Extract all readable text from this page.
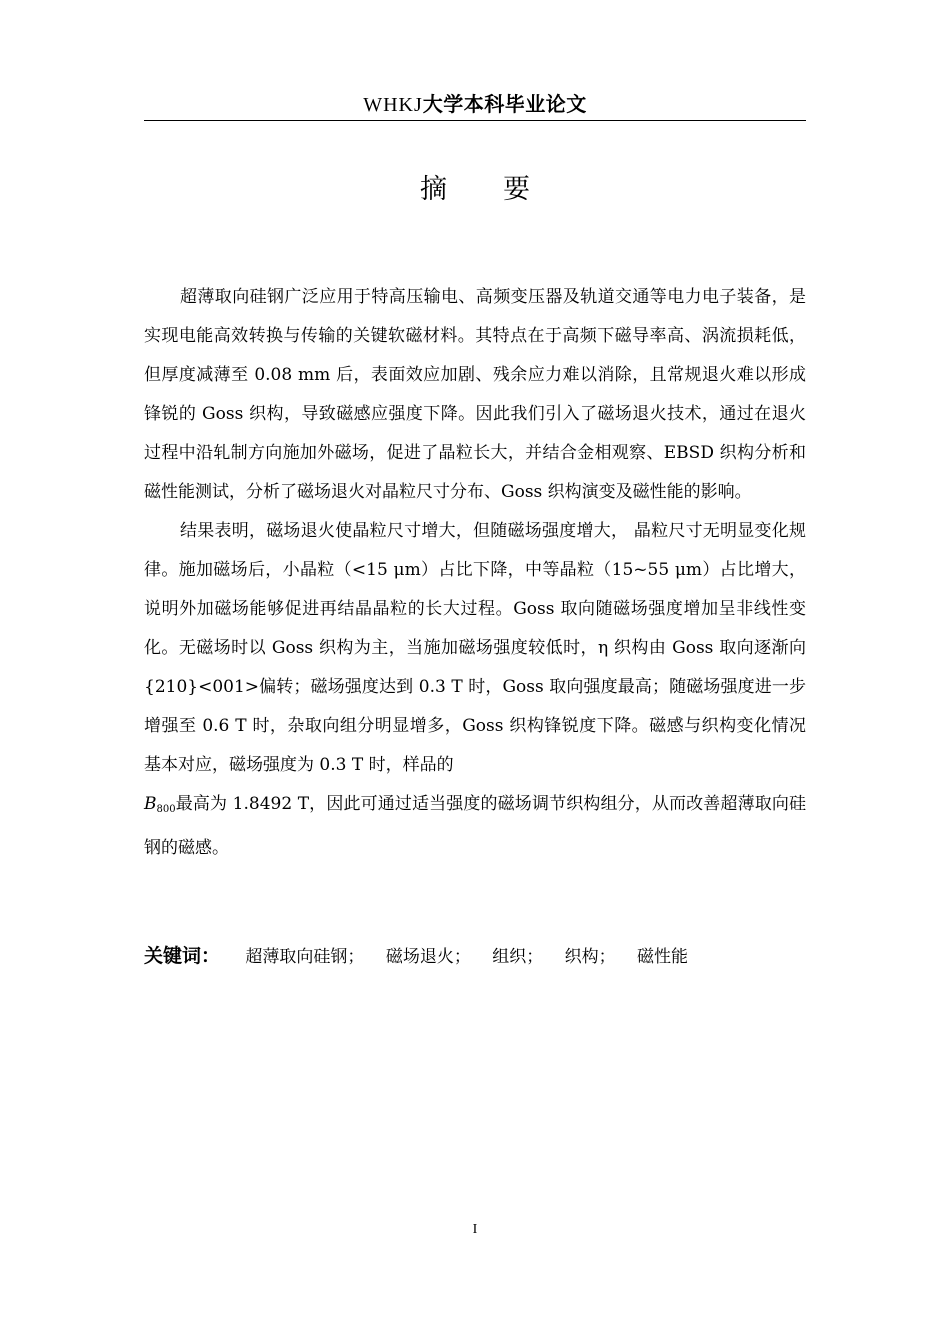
WHKJ大学本科毕业论文
摘 要

超薄取向硅钢广泛应用于特高压输电、高频变压器及轨道交通等电力电子装备，是实现电能高效转换与传输的关键软磁材料。其特点在于高频下磁导率高、涡流损耗低，但厚度减薄至 0.08 mm 后，表面效应加剧、残余应力难以消除，且常规退火难以形成锋锐的 Goss 织构，导致磁感应强度下降。因此我们引入了磁场退火技术，通过在退火过程中沿轧制方向施加外磁场，促进了晶粒长大，并结合金相观察、EBSD 织构分析和磁性能测试，分析了磁场退火对晶粒尺寸分布、Goss 织构演变及磁性能的影响。

结果表明，磁场退火使晶粒尺寸增大，但随磁场强度增大， 晶粒尺寸无明显变化规律。施加磁场后，小晶粒（<15 μm）占比下降，中等晶粒（15~55 μm）占比增大，说明外加磁场能够促进再结晶晶粒的长大过程。Goss 取向随磁场强度增加呈非线性变化。无磁场时以 Goss 织构为主，当施加磁场强度较低时，η 织构由 Goss 取向逐渐向{210}<001>偏转；磁场强度达到 0.3 T 时，Goss 取向强度最高；随磁场强度进一步增强至 0.6 T 时，杂取向组分明显增多，Goss 织构锋锐度下降。磁感与织构变化情况基本对应，磁场强度为 0.3 T 时，样品的
B800最高为 1.8492 T，因此可通过适当强度的磁场调节织构组分，从而改善超薄取向硅钢的磁感。

关键词： 超薄取向硅钢； 磁场退火； 组织； 织构； 磁性能
I
